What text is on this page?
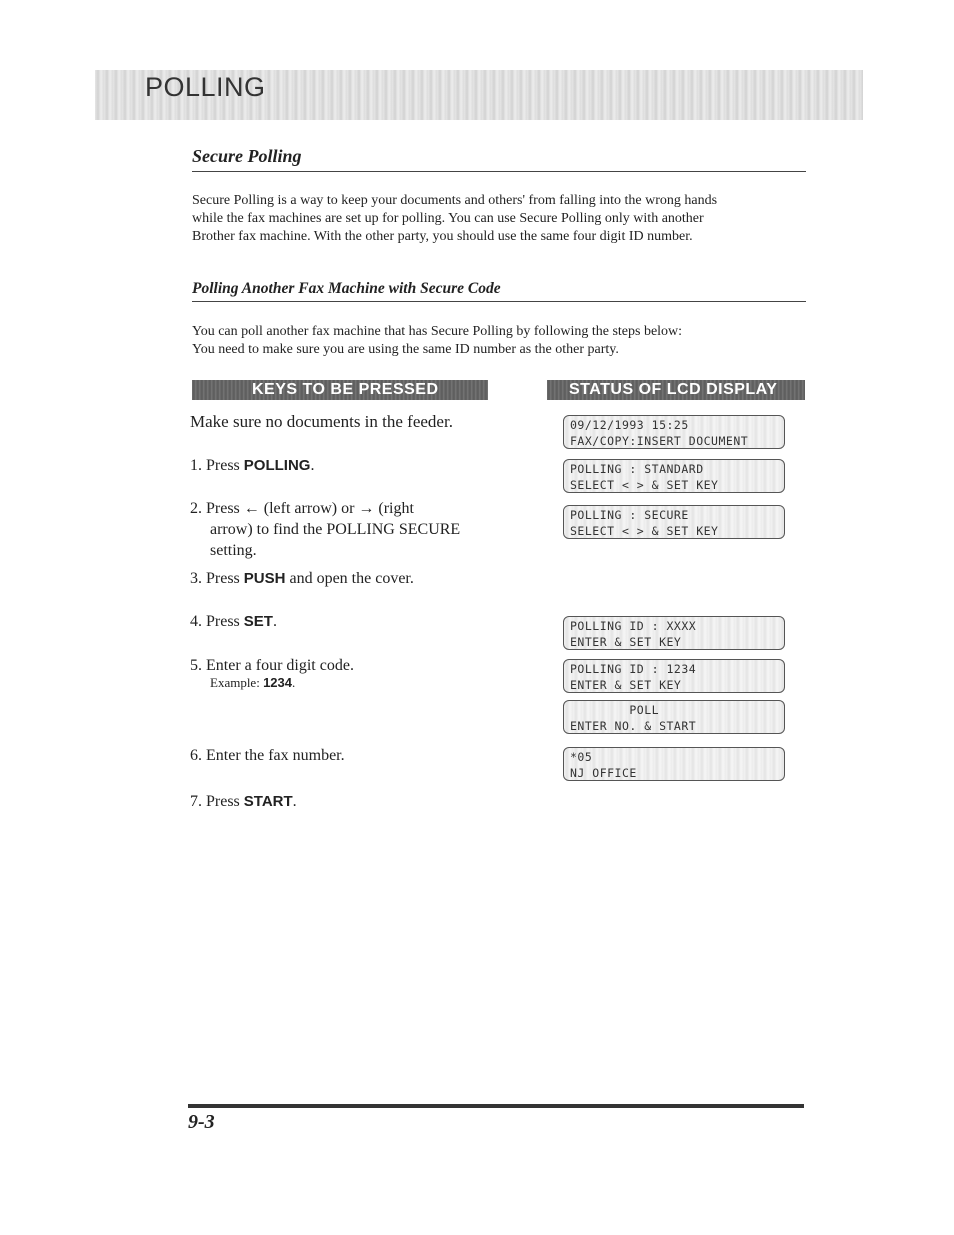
POLLING
Secure Polling
Secure Polling is a way to keep your documents and others' from falling into the wrong hands
while the fax machines are set up for polling. You can use Secure Polling only with another
Brother fax machine. With the other party, you should use the same four digit ID number.
Polling Another Fax Machine with Secure Code
You can poll another fax machine that has Secure Polling by following the steps below:
You need to make sure you are using the same ID number as the other party.
KEYS TO BE PRESSED	STATUS OF LCD DISPLAY
Make sure no documents in the feeder.
1. Press POLLING.
2. Press ← (left arrow) or → (right
arrow) to find the POLLING SECURE
setting.
3. Press PUSH and open the cover.
4. Press SET.
5. Enter a four digit code.
Example: 1234.
6. Enter the fax number.
7. Press START.
09/12/1993 15:25
FAX/COPY:INSERT DOCUMENT
POLLING : STANDARD
SELECT < > & SET KEY
POLLING : SECURE
SELECT < > & SET KEY
POLLING ID : XXXX
ENTER & SET KEY
POLLING ID : 1234
ENTER & SET KEY
POLL
ENTER NO. & START
*05
NJ OFFICE
9-3
